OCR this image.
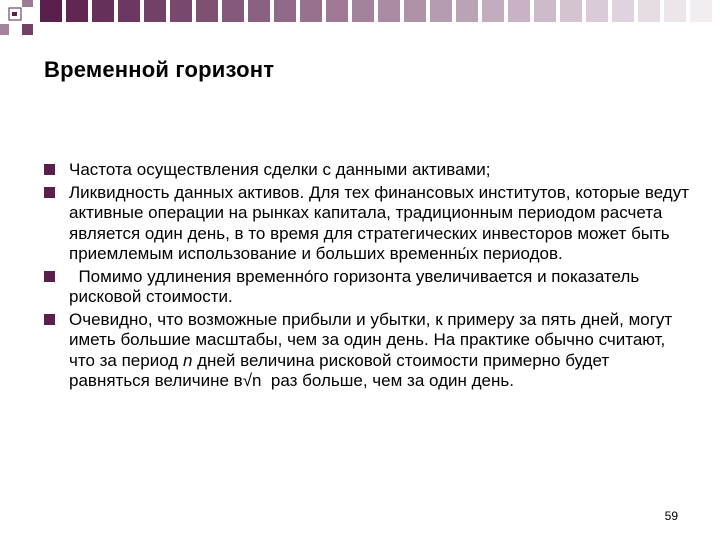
Временной горизонт
Частота осуществления сделки с данными активами;
Ликвидность данных активов. Для тех финансовых институтов, которые ведут активные операции на рынках капитала, традиционным периодом расчета является один день, в то время для стратегических инвесторов может быть приемлемым использование и больших временны́х периодов.
Помимо удлинения временно́го горизонта увеличивается и показатель рисковой стоимости.
Очевидно, что возможные прибыли и убытки, к примеру за пять дней, могут иметь большие масштабы, чем за один день. На практике обычно считают, что за период n дней величина рисковой стоимости примерно будет равняться величине в√n  раз больше, чем за один день.
59
